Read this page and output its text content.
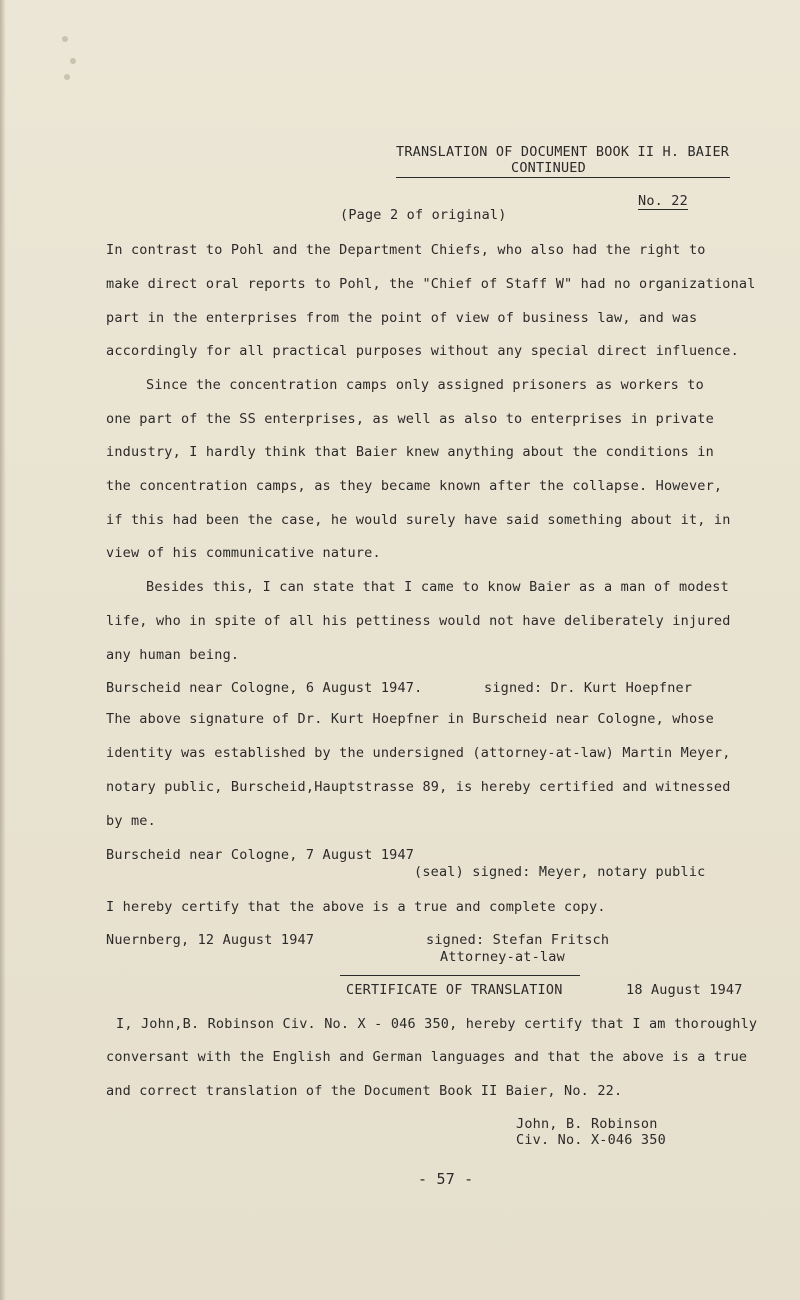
TRANSLATION OF DOCUMENT BOOK II H. BAIER
CONTINUED
No. 22
(Page 2 of original)
In contrast to Pohl and the Department Chiefs, who also had the right to
make direct oral reports to Pohl, the "Chief of Staff W" had no organizational
part in the enterprises from the point of view of business law, and was
accordingly for all practical purposes without any special direct influence.
Since the concentration camps only assigned prisoners as workers to
one part of the SS enterprises, as well as also to enterprises in private
industry, I hardly think that Baier knew anything about the conditions in
the concentration camps, as they became known after the collapse. However,
if this had been the case, he would surely have said something about it, in
view of his communicative nature.
Besides this, I can state that I came to know Baier as a man of modest
life, who in spite of all his pettiness would not have deliberately injured
any human being.
Burscheid near Cologne, 6 August 1947.	signed: Dr. Kurt Hoepfner
The above signature of Dr. Kurt Hoepfner in Burscheid near Cologne, whose
identity was established by the undersigned (attorney-at-law) Martin Meyer,
notary public, Burscheid,Hauptstrasse 89, is hereby certified and witnessed
by me.
Burscheid near Cologne, 7 August 1947
(seal) signed: Meyer, notary public
I hereby certify that the above is a true and complete copy.
Nuernberg, 12 August 1947	signed: Stefan Fritsch
Attorney-at-law
CERTIFICATE OF TRANSLATION	18 August 1947
I, John,B. Robinson Civ. No. X - 046 350, hereby certify that I am thoroughly
conversant with the English and German languages and that the above is a true
and correct translation of the Document Book II Baier, No. 22.
John, B. Robinson
Civ. No. X-046 350
- 57 -
